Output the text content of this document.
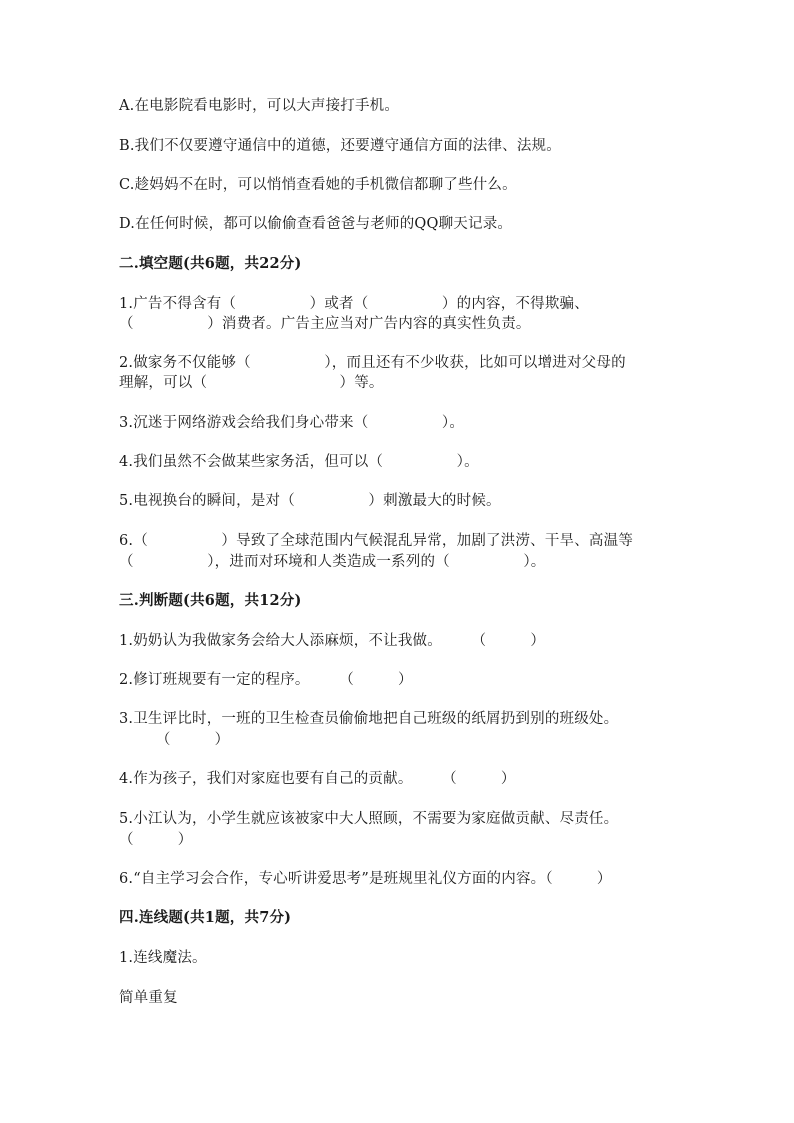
A.在电影院看电影时，可以大声接打手机。
B.我们不仅要遵守通信中的道德，还要遵守通信方面的法律、法规。
C.趁妈妈不在时，可以悄悄查看她的手机微信都聊了些什么。
D.在任何时候，都可以偷偷查看爸爸与老师的QQ聊天记录。
二.填空题(共6题，共22分)
1.广告不得含有（　　　　　）或者（　　　　　）的内容，不得欺骗、
（　　　　　）消费者。广告主应当对广告内容的真实性负责。
2.做家务不仅能够（　　　　　），而且还有不少收获，比如可以增进对父母的
理解，可以（　　　　　　　　　）等。
3.沉迷于网络游戏会给我们身心带来（　　　　　）。
4.我们虽然不会做某些家务活，但可以（　　　　　）。
5.电视换台的瞬间，是对（　　　　　）刺激最大的时候。
6.（　　　　　）导致了全球范围内气候混乱异常，加剧了洪涝、干旱、高温等
（　　　　　），进而对环境和人类造成一系列的（　　　　　）。
三.判断题(共6题，共12分)
1.奶奶认为我做家务会给大人添麻烦，不让我做。　　　（　　　）
2.修订班规要有一定的程序。　　　（　　　）
3.卫生评比时，一班的卫生检查员偷偷地把自己班级的纸屑扔到别的班级处。
　　　（　　　）
4.作为孩子，我们对家庭也要有自己的贡献。　　　（　　　）
5.小江认为，小学生就应该被家中大人照顾，不需要为家庭做贡献、尽责任。
（　　　）
6.“自主学习会合作，专心听讲爱思考”是班规里礼仪方面的内容。（　　　）
四.连线题(共1题，共7分)
1.连线魔法。
简单重复
